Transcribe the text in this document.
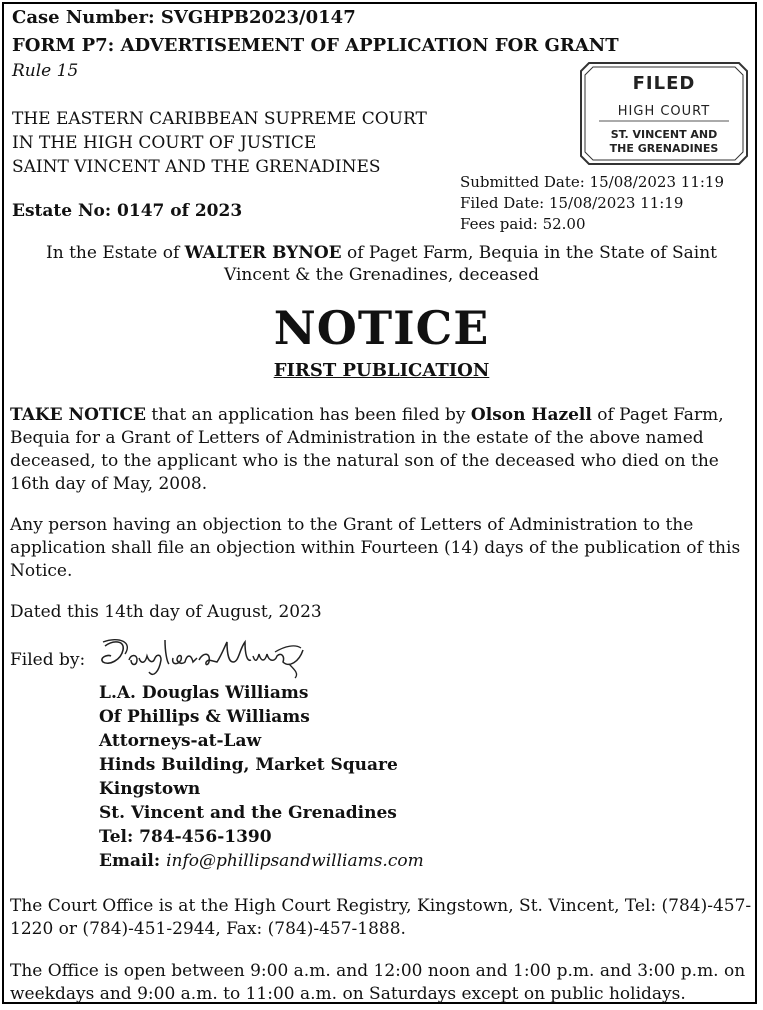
Case Number: SVGHPB2023/0147
FORM P7: ADVERTISEMENT OF APPLICATION FOR GRANT
Rule 15
THE EASTERN CARIBBEAN SUPREME COURT
IN THE HIGH COURT OF JUSTICE
SAINT VINCENT AND THE GRENADINES
Estate No: 0147 of 2023
FILED
HIGH COURT
ST. VINCENT AND
THE GRENADINES
Submitted Date: 15/08/2023 11:19
Filed Date: 15/08/2023 11:19
Fees paid: 52.00
In the Estate of WALTER BYNOE of Paget Farm, Bequia in the State of Saint
Vincent & the Grenadines, deceased
NOTICE
FIRST PUBLICATION
TAKE NOTICE that an application has been filed by Olson Hazell of Paget Farm, Bequia for a Grant of Letters of Administration in the estate of the above named deceased, to the applicant who is the natural son of the deceased who died on the 16th day of May, 2008.
Any person having an objection to the Grant of Letters of Administration to the application shall file an objection within Fourteen (14) days of the publication of this Notice.
Dated this 14th day of August, 2023
Filed by:
L.A. Douglas Williams
Of Phillips & Williams
Attorneys-at-Law
Hinds Building, Market Square
Kingstown
St. Vincent and the Grenadines
Tel: 784-456-1390
Email: info@phillipsandwilliams.com
The Court Office is at the High Court Registry, Kingstown, St. Vincent, Tel: (784)-457-1220 or (784)-451-2944, Fax: (784)-457-1888.
The Office is open between 9:00 a.m. and 12:00 noon and 1:00 p.m. and 3:00 p.m. on weekdays and 9:00 a.m. to 11:00 a.m. on Saturdays except on public holidays.
